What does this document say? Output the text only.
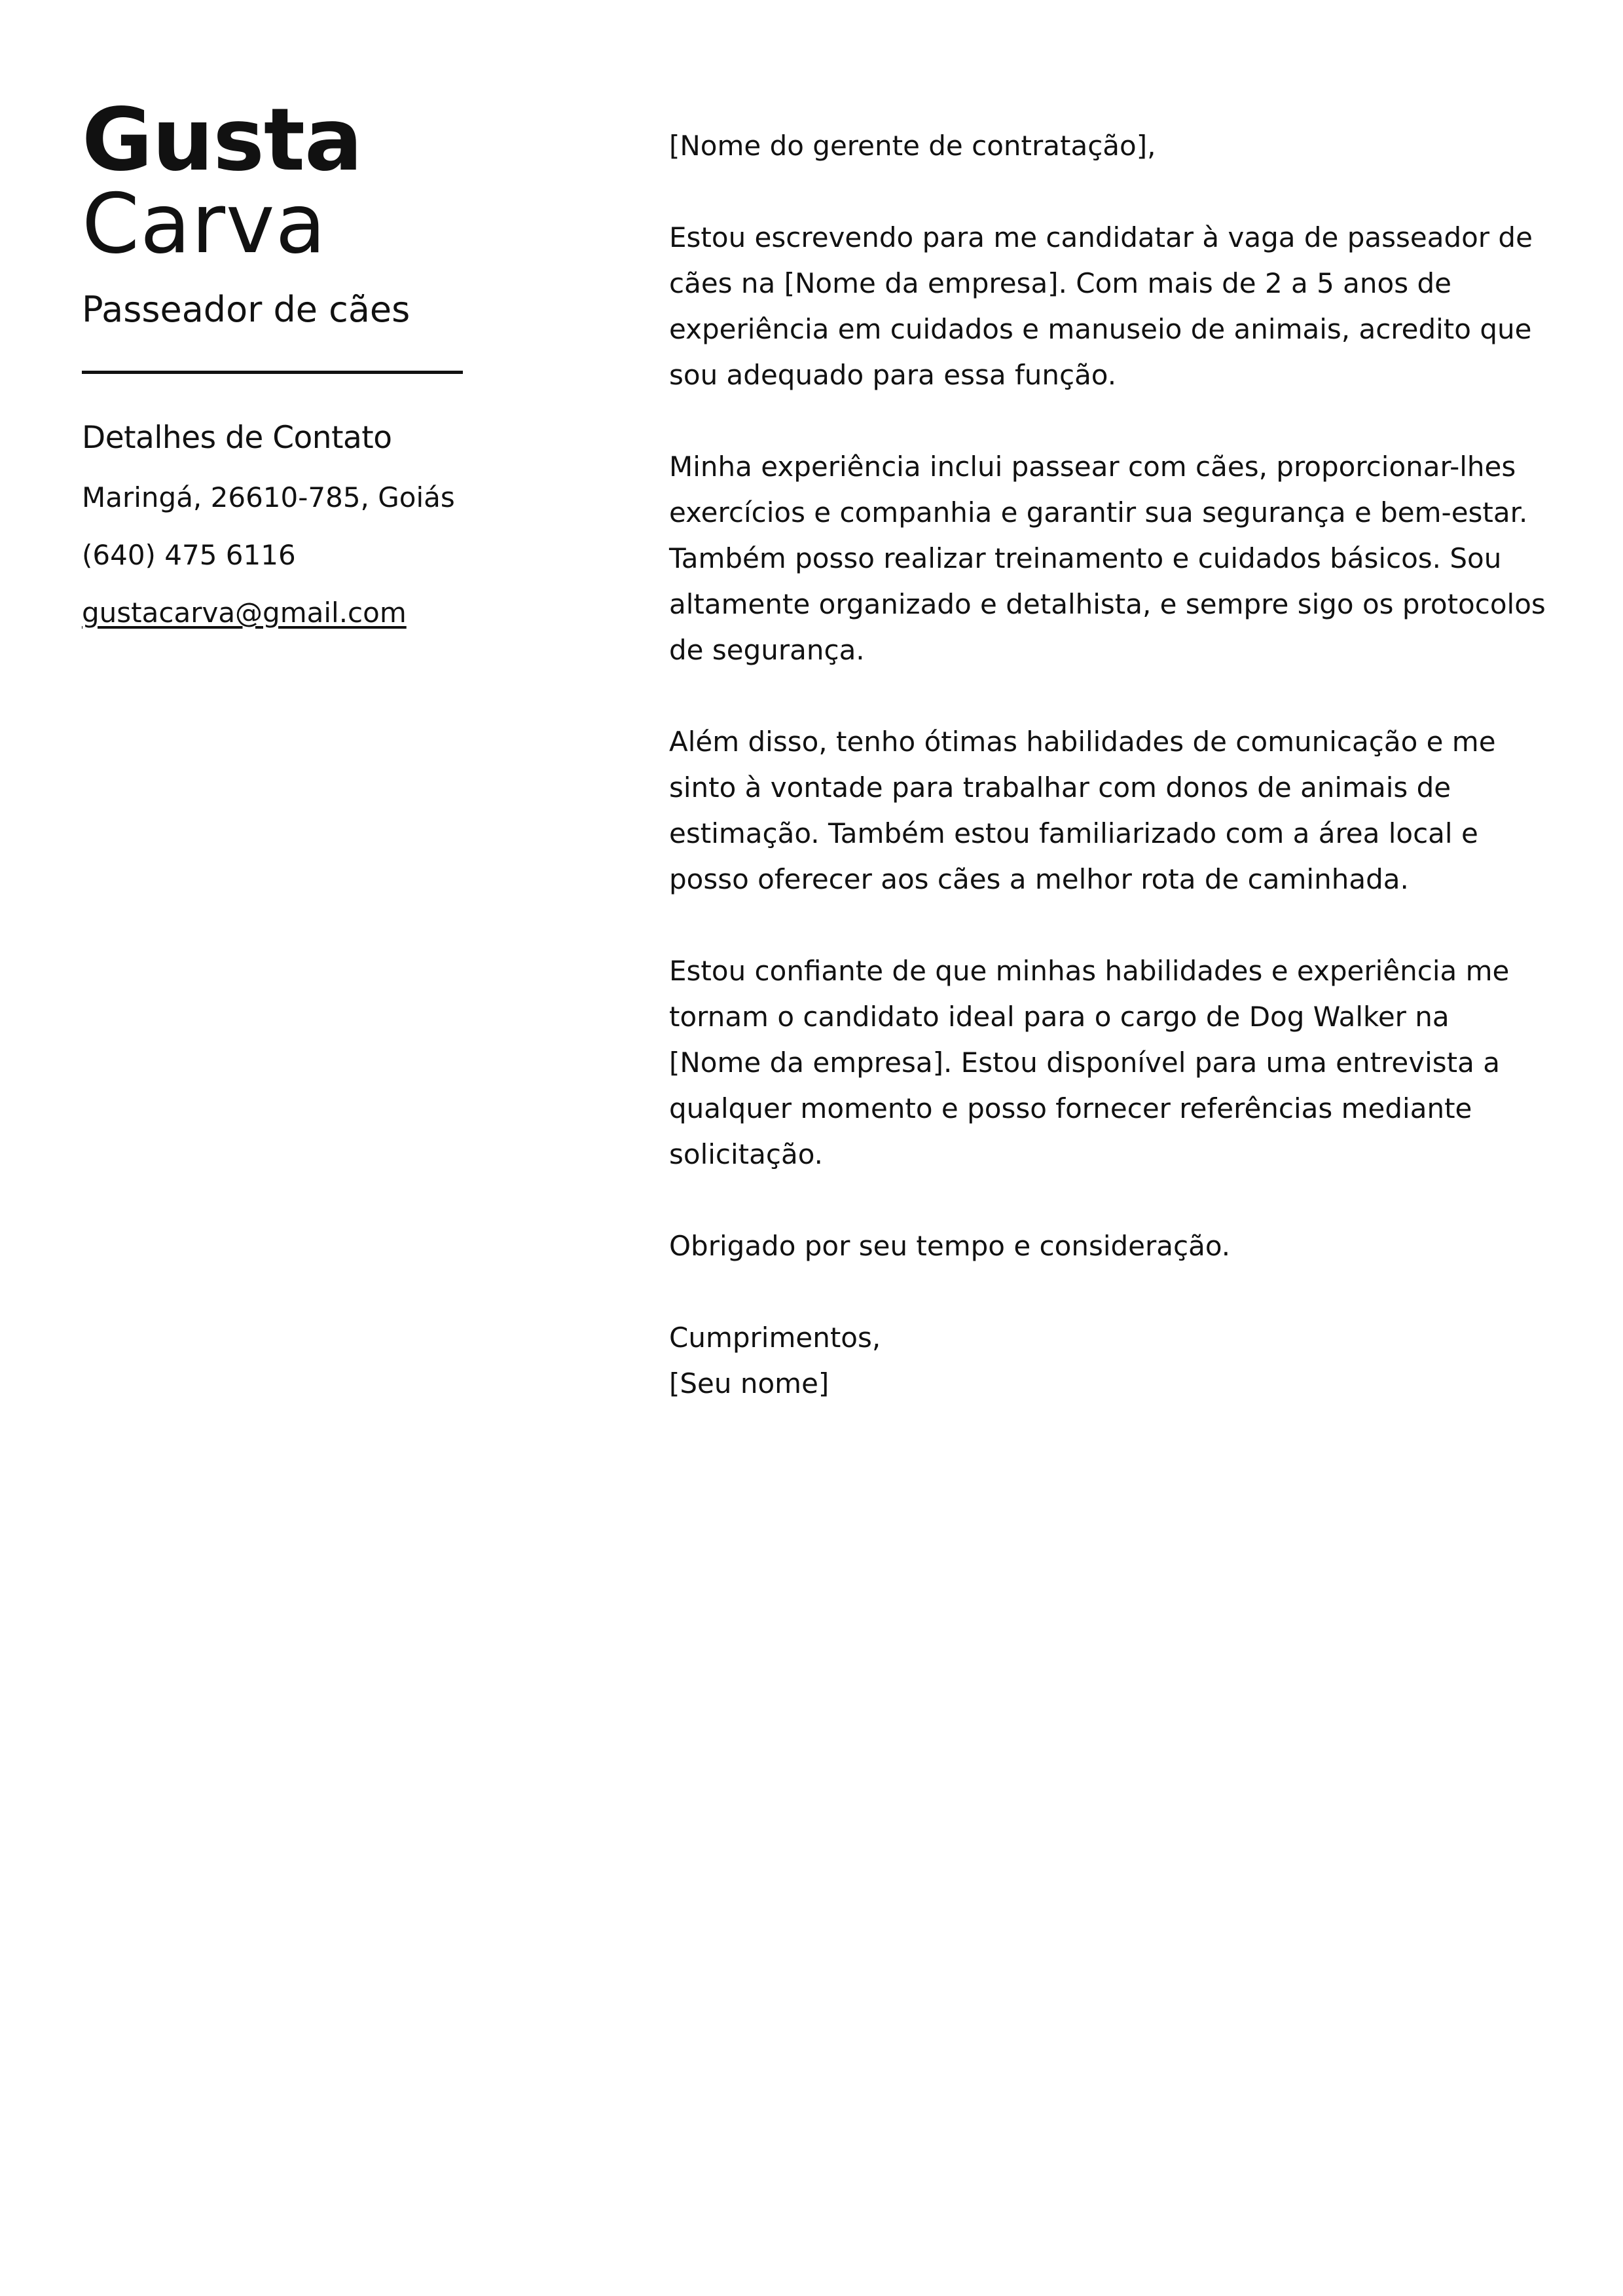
Gusta
Carva
Passeador de cães
Detalhes de Contato
Maringá, 26610-785, Goiás
(640) 475 6116
gustacarva@gmail.com

[Nome do gerente de contratação],

Estou escrevendo para me candidatar à vaga de passeador de cães na [Nome da empresa]. Com mais de 2 a 5 anos de experiência em cuidados e manuseio de animais, acredito que sou adequado para essa função.

Minha experiência inclui passear com cães, proporcionar-lhes exercícios e companhia e garantir sua segurança e bem-estar. Também posso realizar treinamento e cuidados básicos. Sou altamente organizado e detalhista, e sempre sigo os protocolos de segurança.

Além disso, tenho ótimas habilidades de comunicação e me sinto à vontade para trabalhar com donos de animais de estimação. Também estou familiarizado com a área local e posso oferecer aos cães a melhor rota de caminhada.

Estou confiante de que minhas habilidades e experiência me tornam o candidato ideal para o cargo de Dog Walker na [Nome da empresa]. Estou disponível para uma entrevista a qualquer momento e posso fornecer referências mediante solicitação.

Obrigado por seu tempo e consideração.

Cumprimentos,
[Seu nome]
